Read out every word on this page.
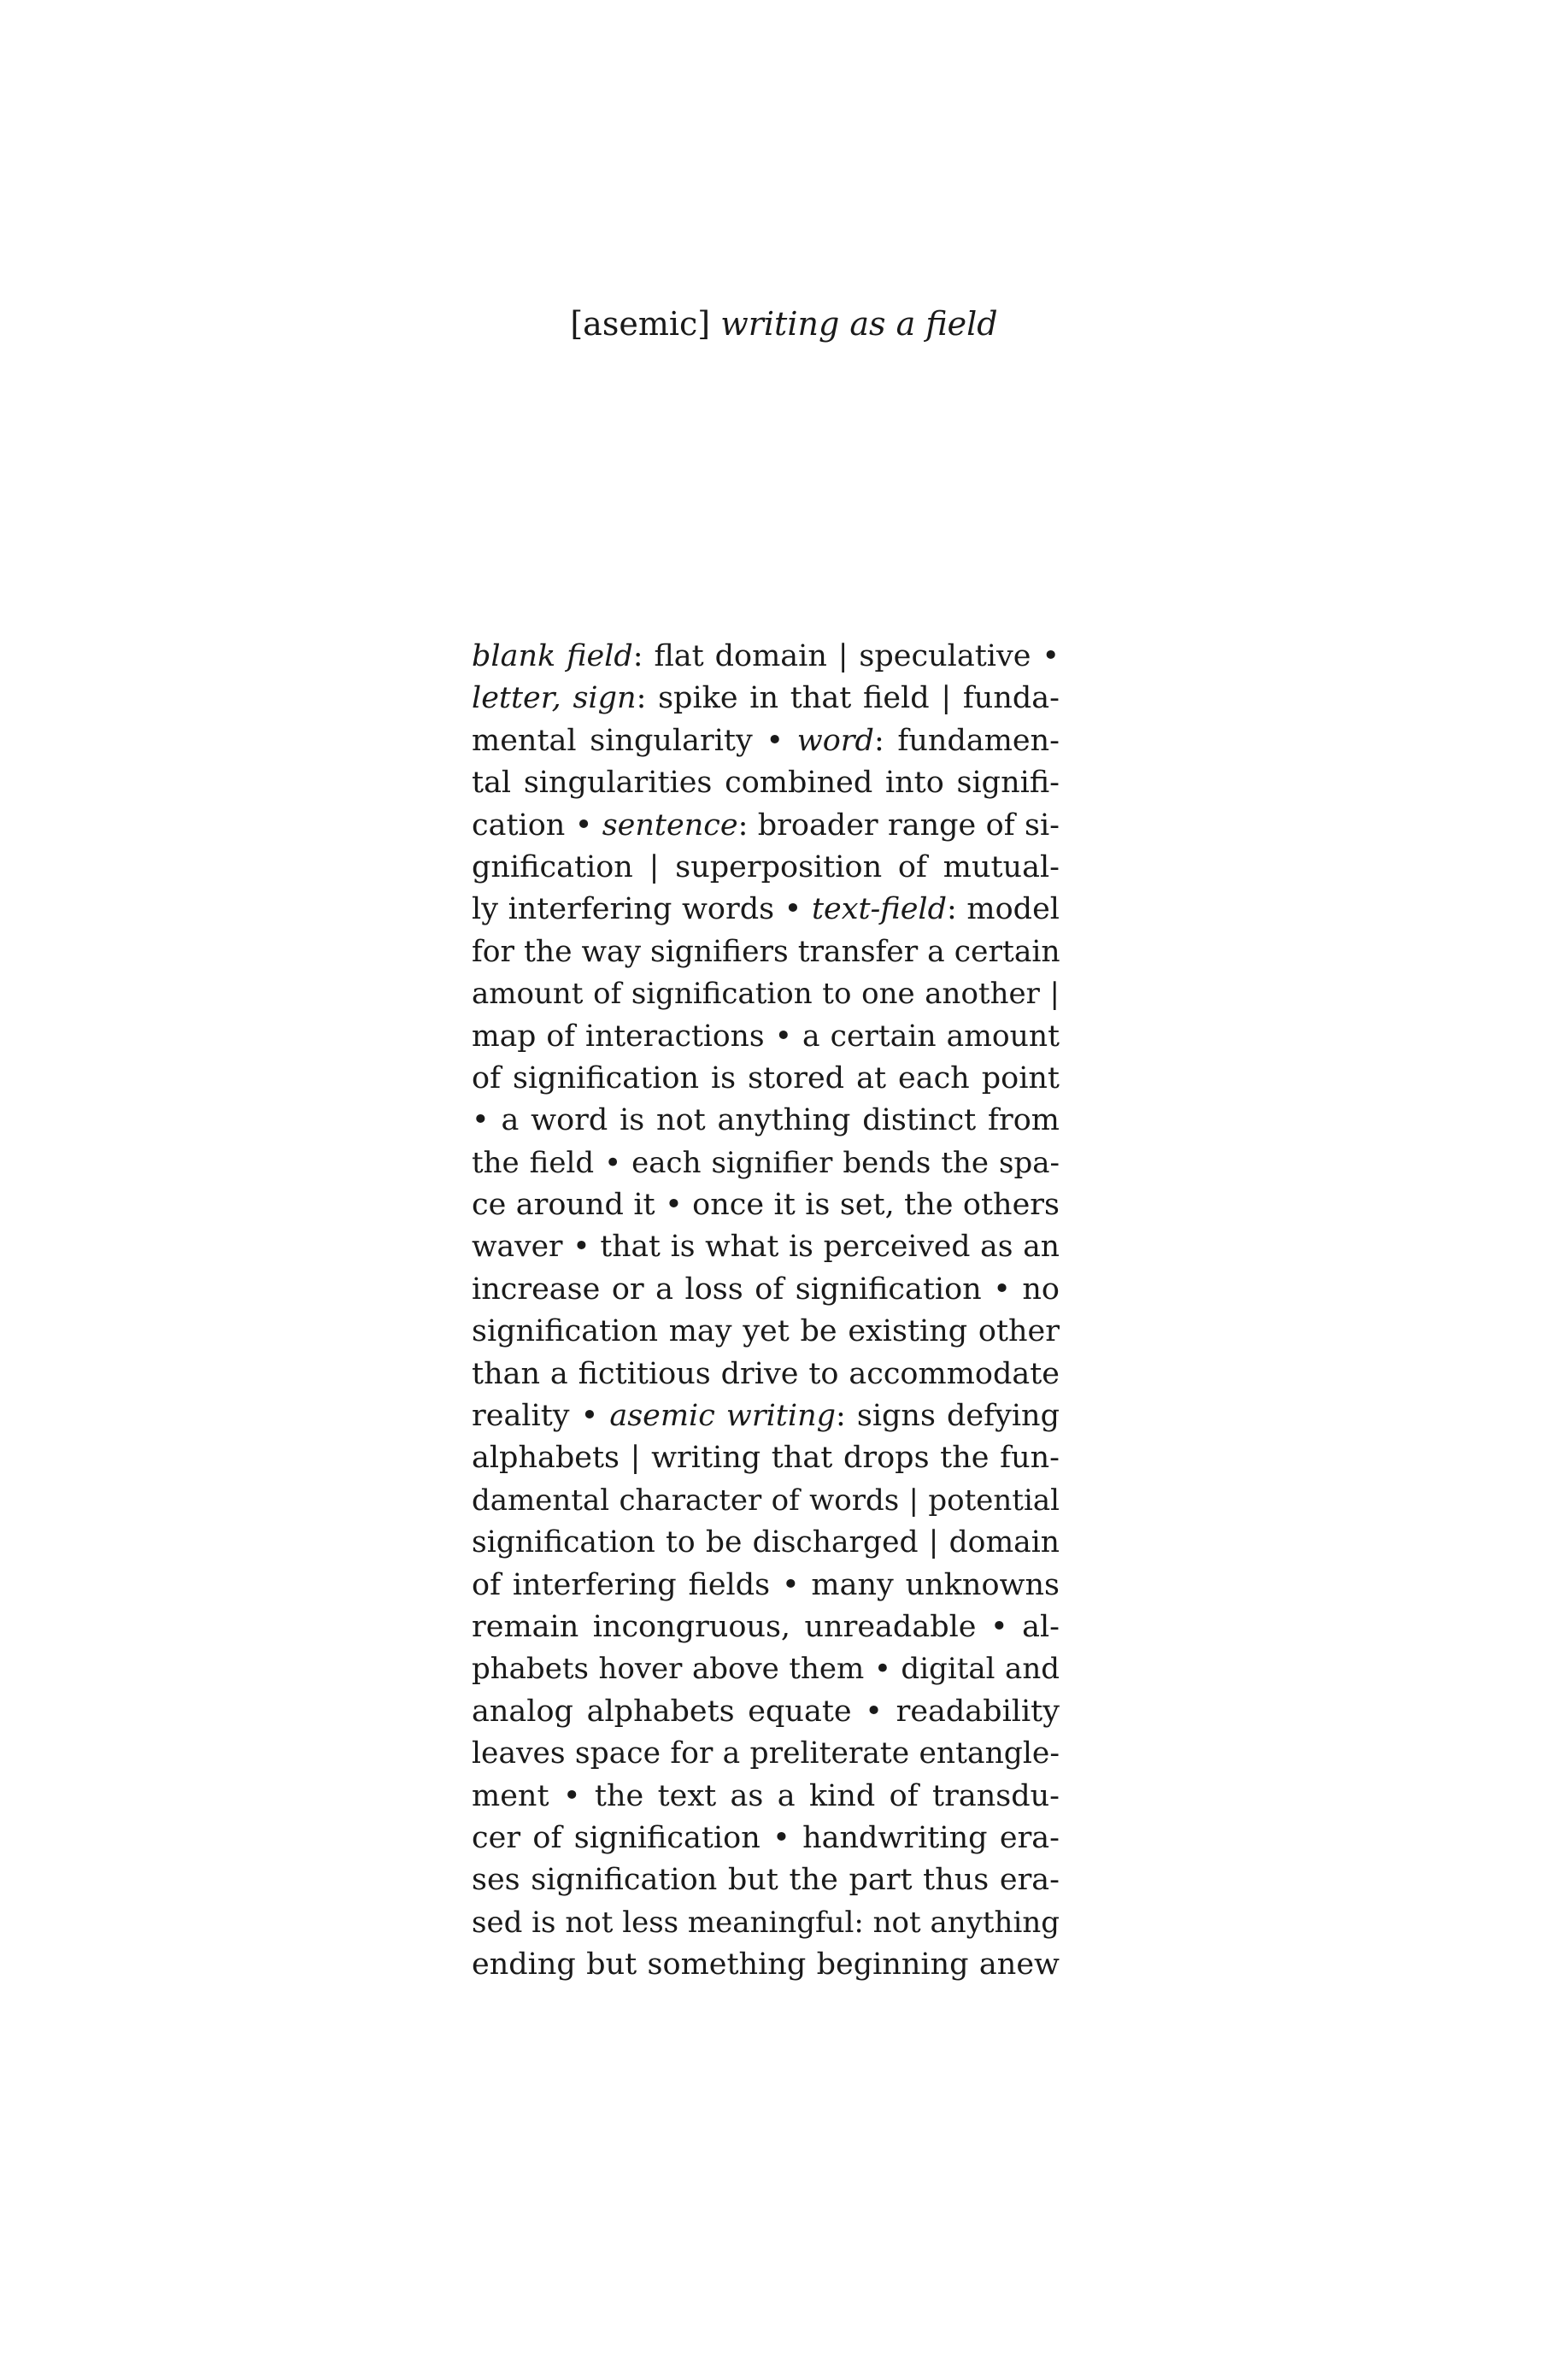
[asemic] writing as a field
blank field: flat domain | speculative •
letter, sign: spike in that field | funda-
mental singularity • word: fundamen-
tal singularities combined into signifi-
cation • sentence: broader range of si-
gnification | superposition of mutual-
ly interfering words • text-field: model
for the way signifiers transfer a certain
amount of signification to one another |
map of interactions • a certain amount
of signification is stored at each point
• a word is not anything distinct from
the field • each signifier bends the spa-
ce around it • once it is set, the others
waver • that is what is perceived as an
increase or a loss of signification • no
signification may yet be existing other
than a fictitious drive to accommodate
reality • asemic writing: signs defying
alphabets | writing that drops the fun-
damental character of words | potential
signification to be discharged | domain
of interfering fields • many unknowns
remain incongruous, unreadable • al-
phabets hover above them • digital and
analog alphabets equate • readability
leaves space for a preliterate entangle-
ment • the text as a kind of transdu-
cer of signification • handwriting era-
ses signification but the part thus era-
sed is not less meaningful: not anything
ending but something beginning anew
